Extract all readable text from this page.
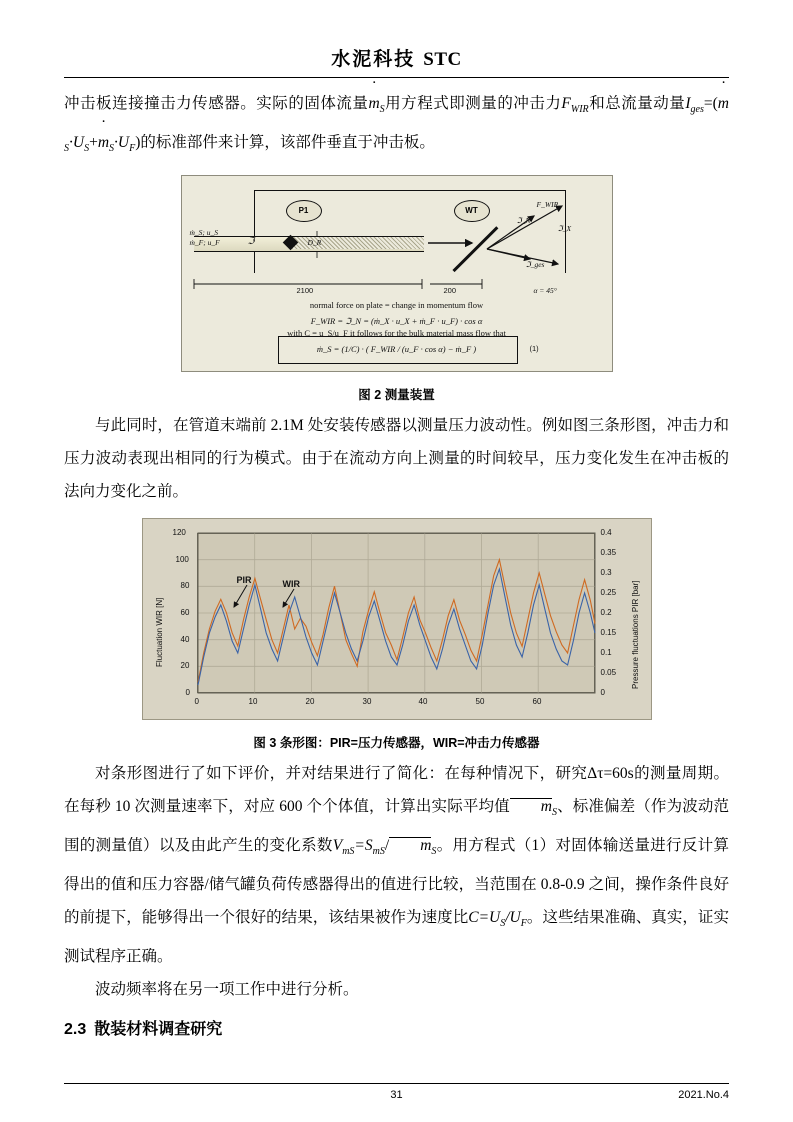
水泥科技 STC

冲击板连接撞击力传感器。实际的固体流量$m \cdot_S$用方程式即测量的冲击力$F_{WIR}$和总流量动量$I_{ges}=(m \cdot_S\cdot U_S+m \cdot_S\cdot U_F)$的标准部件来计算，该部件垂直于冲击板。

P1	WT
ṁ_S; u_S
ṁ_F; u_F	ℑ	D_R
F_WIR
ℑ_N
ℑ_X
ℑ_ges
2100	200	α = 45°
normal force on plate = change in momentum flow
F_WIR = ℑ_N = (ṁ_X · u_X + ṁ_F · u_F) · cos α
with C = u_S/u_F it follows for the bulk material mass flow that
ṁ_S = (1/C) · ( F_WIR / (u_F · cos α) − ṁ_F )	(1)
图 2 测量装置

与此同时，在管道末端前 2.1M 处安装传感器以测量压力波动性。例如图三条形图，冲击力和压力波动表现出相同的行为模式。由于在流动方向上测量的时间较早，压力变化发生在冲击板的法向力变化之前。

Fluctuation WIR [N]	Pressure fluctuations PIR [bar]
120
100
80
60
40
20
0
0.4
0.35
0.3
0.25
0.2
0.15
0.1
0.05
0
0	10	20	30	40	50	60
PIR	WIR
图 3 条形图：PIR=压力传感器，WIR=冲击力传感器

对条形图进行了如下评价，并对结果进行了简化：在每种情况下，研究Δτ=60s的测量周期。在每秒 10 次测量速率下，对应 600 个个体值，计算出实际平均值 $m_S$、标准偏差（作为波动范围的测量值）以及由此产生的变化系数$V_{mS}=S_{mS}/$ $m_S$。用方程式（1）对固体输送量进行反计算得出的值和压力容器/储气罐负荷传感器得出的值进行比较，当范围在 0.8-0.9 之间，操作条件良好的前提下，能够得出一个很好的结果，该结果被作为速度比$C=U_S/U_F$。这些结果准确、真实，证实测试程序正确。

波动频率将在另一项工作中进行分析。

2.3 散装材料调查研究
31	2021.No.4
